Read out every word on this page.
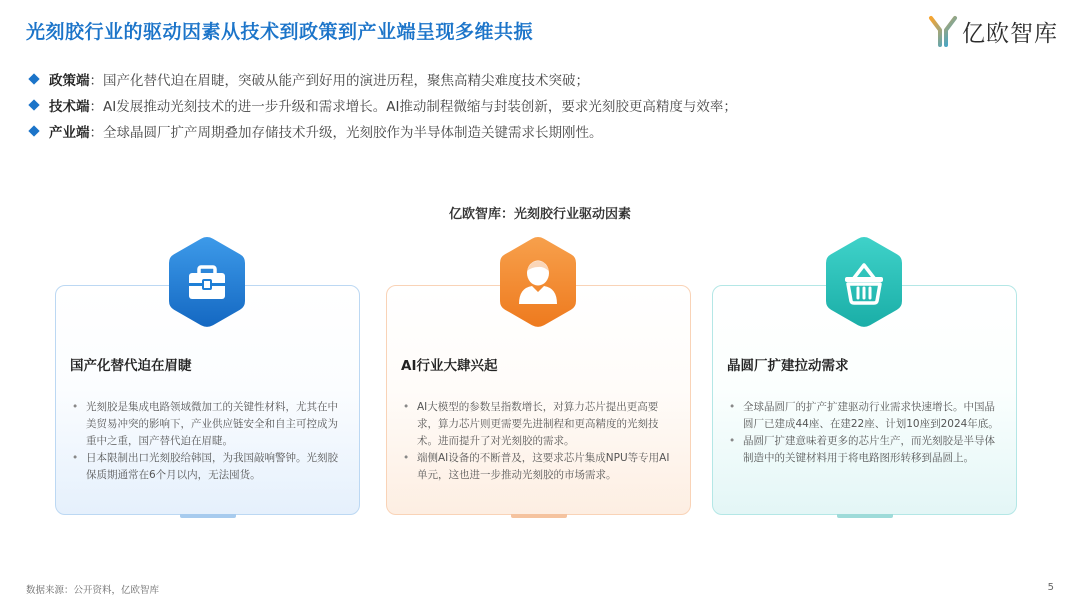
光刻胶行业的驱动因素从技术到政策到产业端呈现多维共振	亿欧智库
政策端 ： 国产化替代迫在眉睫，突破从能产到好用的演进历程，聚焦高精尖难度技术突破；
技术端 ： AI发展推动光刻技术的进一步升级和需求增长。AI推动制程微缩与封装创新，要求光刻胶更高精度与效率；
产业端 ： 全球晶圆厂扩产周期叠加存储技术升级，光刻胶作为半导体制造关键需求长期刚性。
亿欧智库：光刻胶行业驱动因素
国产化替代迫在眉睫
• 光刻胶是集成电路领域微加工的关键性材料，尤其在中美贸易冲突的影响下，产业供应链安全和自主可控成为重中之重，国产替代迫在眉睫。
• 日本限制出口光刻胶给韩国，为我国敲响警钟。光刻胶保质期通常在6个月以内，无法囤货。
AI行业大肆兴起
• AI大模型的参数呈指数增长，对算力芯片提出更高要求，算力芯片则更需要先进制程和更高精度的光刻技术。进而提升了对光刻胶的需求。
• 端侧AI设备的不断普及，这要求芯片集成NPU等专用AI单元，这也进一步推动光刻胶的市场需求。
晶圆厂扩建拉动需求
• 全球晶圆厂的扩产扩建驱动行业需求快速增长。中国晶圆厂已建成44座、在建22座、计划10座到2024年底。
• 晶圆厂扩建意味着更多的芯片生产，而光刻胶是半导体制造中的关键材料用于将电路图形转移到晶圆上。
数据来源：公开资料，亿欧智库	5
